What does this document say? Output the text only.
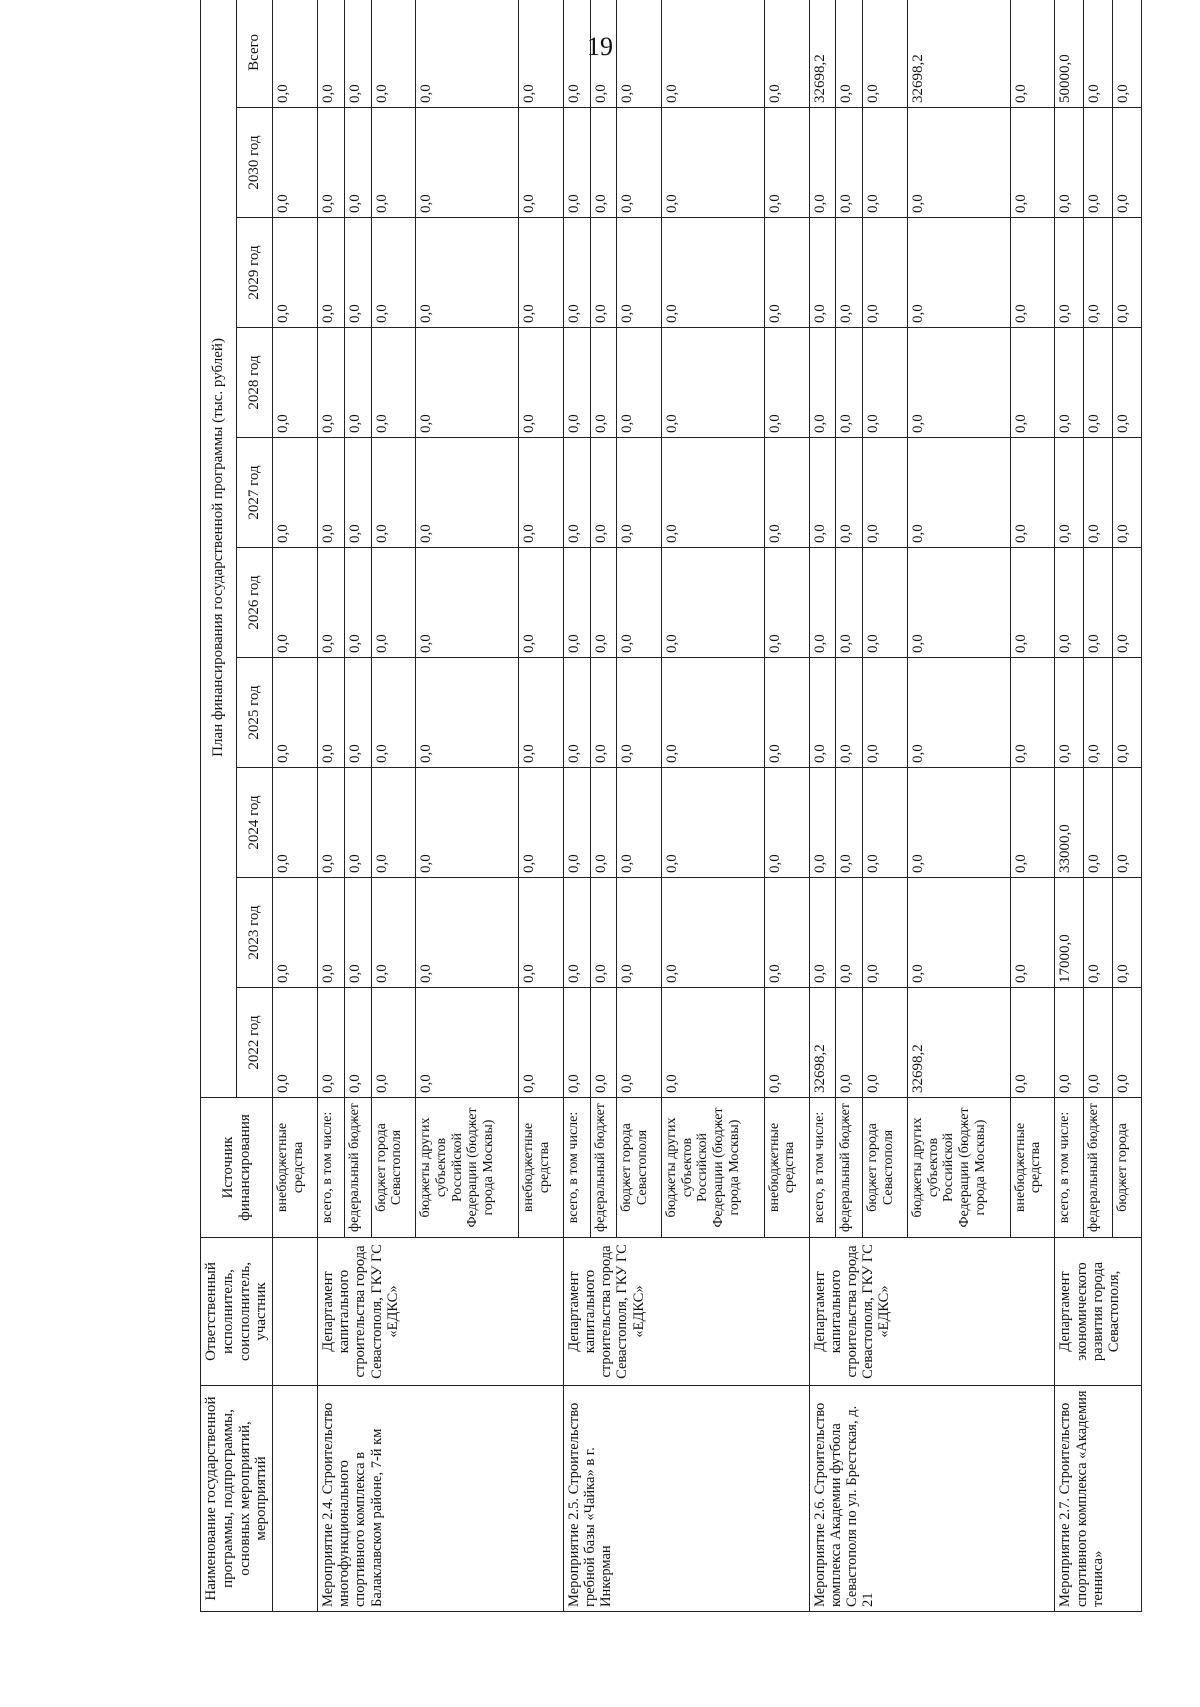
19
Наименование государственной программы, подпрограммы, основных мероприятий, мероприятий	Ответственный исполнитель, соисполнитель, участник	Источник финансирования	План финансирования государственной программы (тыс. рублей)									
			2022 год	2023 год	2024 год	2025 год	2026 год	2027 год	2028 год	2029 год	2030 год	Всего
		внебюджетные средства	0,0	0,0	0,0	0,0	0,0	0,0	0,0	0,0	0,0	0,0
Мероприятие 2.4. Строительство многофункционального спортивного комплекса в Балаклавском районе, 7-й км	Департамент капитального строительства города Севастополя, ГКУ ГС «ЕДКС»	всего, в том числе:	0,0	0,0	0,0	0,0	0,0	0,0	0,0	0,0	0,0	0,0
		федеральный бюджет	0,0	0,0	0,0	0,0	0,0	0,0	0,0	0,0	0,0	0,0
		бюджет города Севастополя	0,0	0,0	0,0	0,0	0,0	0,0	0,0	0,0	0,0	0,0
		бюджеты других субъектов Российской Федерации (бюджет города Москвы)	0,0	0,0	0,0	0,0	0,0	0,0	0,0	0,0	0,0	0,0
		внебюджетные средства	0,0	0,0	0,0	0,0	0,0	0,0	0,0	0,0	0,0	0,0
Мероприятие 2.5. Строительство гребной базы «Чайка» в г. Инкерман	Департамент капитального строительства города Севастополя, ГКУ ГС «ЕДКС»	всего, в том числе:	0,0	0,0	0,0	0,0	0,0	0,0	0,0	0,0	0,0	0,0
		федеральный бюджет	0,0	0,0	0,0	0,0	0,0	0,0	0,0	0,0	0,0	0,0
		бюджет города Севастополя	0,0	0,0	0,0	0,0	0,0	0,0	0,0	0,0	0,0	0,0
		бюджеты других субъектов Российской Федерации (бюджет города Москвы)	0,0	0,0	0,0	0,0	0,0	0,0	0,0	0,0	0,0	0,0
		внебюджетные средства	0,0	0,0	0,0	0,0	0,0	0,0	0,0	0,0	0,0	0,0
Мероприятие 2.6. Строительство комплекса Академии футбола Севастополя по ул. Брестская, д. 21	Департамент капитального строительства города Севастополя, ГКУ ГС «ЕДКС»	всего, в том числе:	32698,2	0,0	0,0	0,0	0,0	0,0	0,0	0,0	0,0	32698,2
		федеральный бюджет	0,0	0,0	0,0	0,0	0,0	0,0	0,0	0,0	0,0	0,0
		бюджет города Севастополя	0,0	0,0	0,0	0,0	0,0	0,0	0,0	0,0	0,0	0,0
		бюджеты других субъектов Российской Федерации (бюджет города Москвы)	32698,2	0,0	0,0	0,0	0,0	0,0	0,0	0,0	0,0	32698,2
		внебюджетные средства	0,0	0,0	0,0	0,0	0,0	0,0	0,0	0,0	0,0	0,0
Мероприятие 2.7. Строительство спортивного комплекса «Академия тенниса»	Департамент экономического развития города Севастополя,	всего, в том числе:	0,0	17000,0	33000,0	0,0	0,0	0,0	0,0	0,0	0,0	50000,0
		федеральный бюджет	0,0	0,0	0,0	0,0	0,0	0,0	0,0	0,0	0,0	0,0
		бюджет города	0,0	0,0	0,0	0,0	0,0	0,0	0,0	0,0	0,0	0,0
